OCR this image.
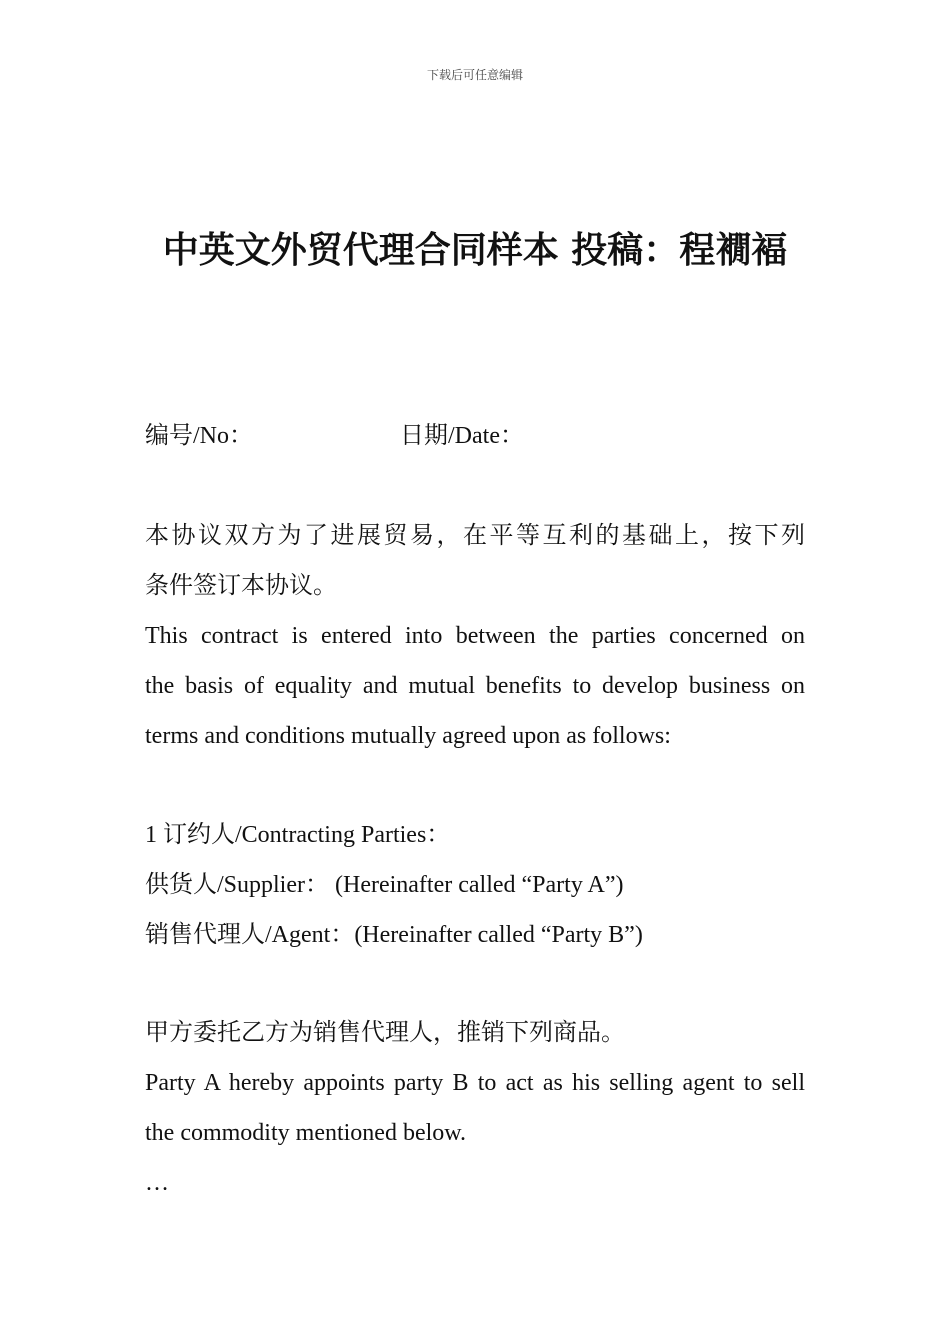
下载后可任意编辑
中英文外贸代理合同样本 投稿：程襉褔
编号/No：	日期/Date：
本协议双方为了进展贸易，在平等互利的基础上，按下列
条件签订本协议。
This contract is entered into between the parties concerned on
the basis of equality and mutual benefits to develop business on
terms and conditions mutually agreed upon as follows:
1 订约人/Contracting Parties：
供货人/Supplier： (Hereinafter called “Party A”)
销售代理人/Agent：(Hereinafter called “Party B”)
甲方委托乙方为销售代理人，推销下列商品。
Party A hereby appoints party B to act as his selling agent to sell
the commodity mentioned below.
…
